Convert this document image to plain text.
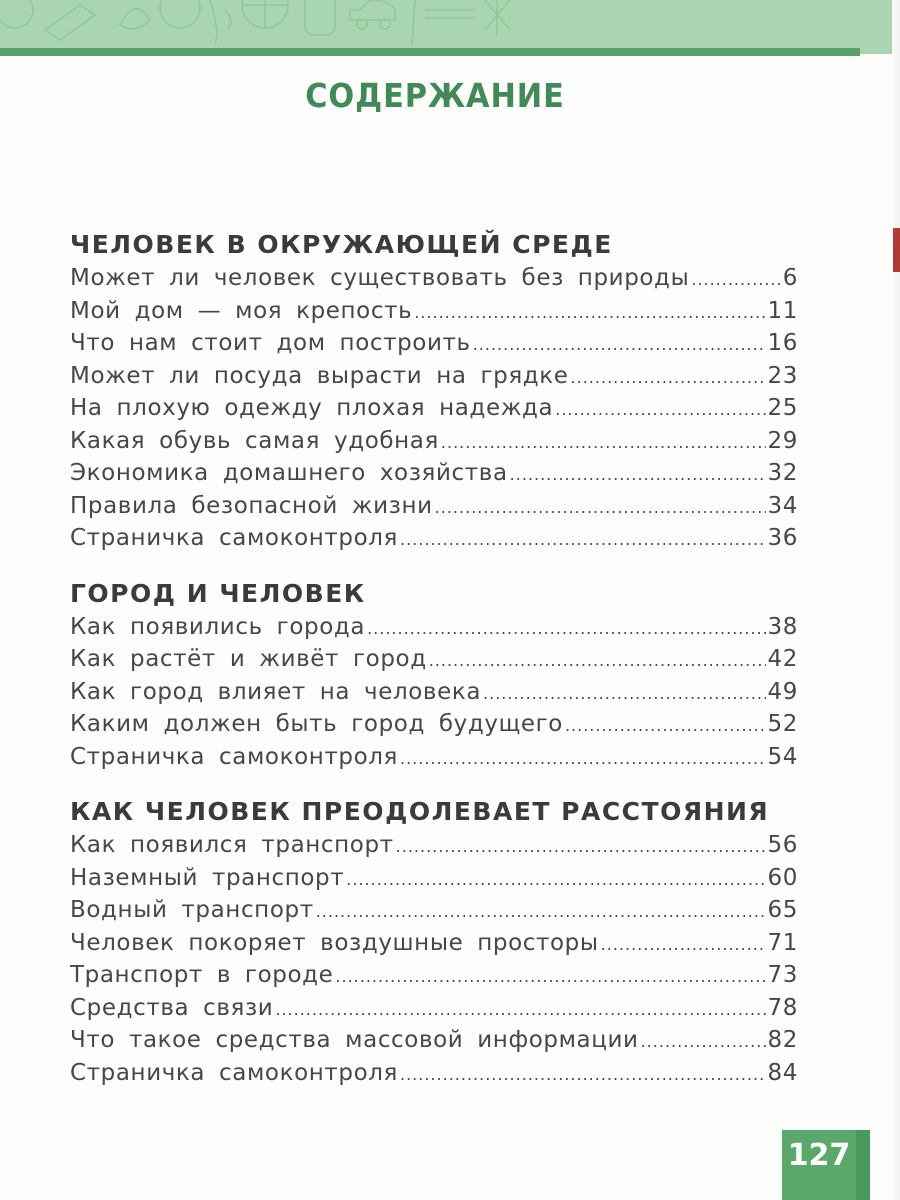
СОДЕРЖАНИЕ
ЧЕЛОВЕК В ОКРУЖАЮЩЕЙ СРЕДЕ
Может ли человек существовать без природы .....	6
Мой дом — моя крепость .....	11
Что нам стоит дом построить .....	16
Может ли посуда вырасти на грядке .....	23
На плохую одежду плохая надежда .....	25
Какая обувь самая удобная .....	29
Экономика домашнего хозяйства .....	32
Правила безопасной жизни .....	34
Страничка самоконтроля .....	36
ГОРОД И ЧЕЛОВЕК
Как появились города .....	38
Как растёт и живёт город .....	42
Как город влияет на человека .....	49
Каким должен быть город будущего .....	52
Страничка самоконтроля .....	54
КАК ЧЕЛОВЕК ПРЕОДОЛЕВАЕТ РАССТОЯНИЯ
Как появился транспорт .....	56
Наземный транспорт .....	60
Водный транспорт .....	65
Человек покоряет воздушные просторы .....	71
Транспорт в городе .....	73
Средства связи .....	78
Что такое средства массовой информации .....	82
Страничка самоконтроля .....	84
127
